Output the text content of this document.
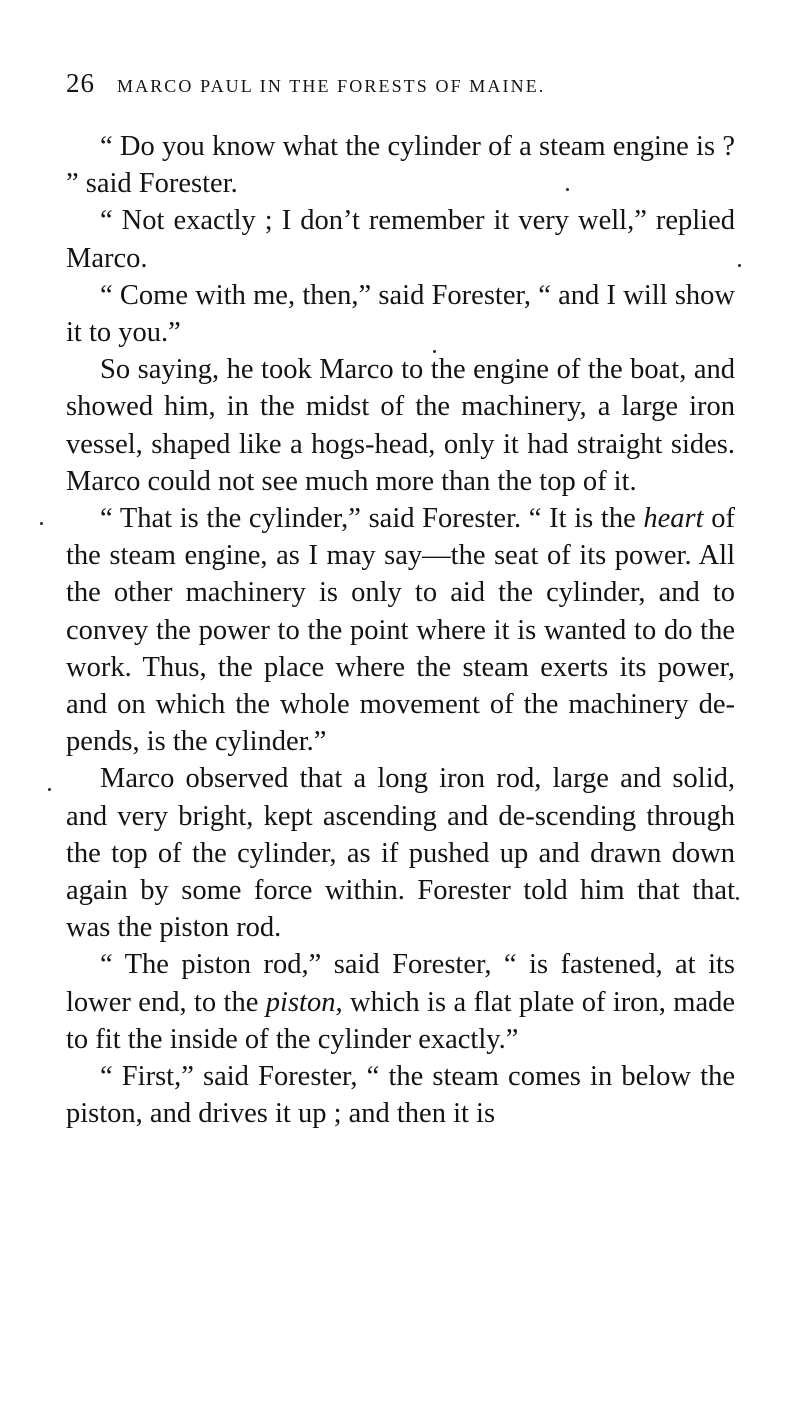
26 MARCO PAUL IN THE FORESTS OF MAINE.

“ Do you know what the cylinder of a steam engine is ? ” said Forester.

“ Not exactly ; I don’t remember it very well,” replied Marco.

“ Come with me, then,” said Forester, “ and I will show it to you.”

So saying, he took Marco to the engine of the boat, and showed him, in the midst of the machinery, a large iron vessel, shaped like a hogs-head, only it had straight sides. Marco could not see much more than the top of it.

“ That is the cylinder,” said Forester. “ It is the heart of the steam engine, as I may say—the seat of its power. All the other machinery is only to aid the cylinder, and to convey the power to the point where it is wanted to do the work. Thus, the place where the steam exerts its power, and on which the whole movement of the machinery de-pends, is the cylinder.”

Marco observed that a long iron rod, large and solid, and very bright, kept ascending and de-scending through the top of the cylinder, as if pushed up and drawn down again by some force within. Forester told him that that was the piston rod.

“ The piston rod,” said Forester, “ is fastened, at its lower end, to the piston, which is a flat plate of iron, made to fit the inside of the cylinder exactly.”

“ First,” said Forester, “ the steam comes in below the piston, and drives it up ; and then it is
